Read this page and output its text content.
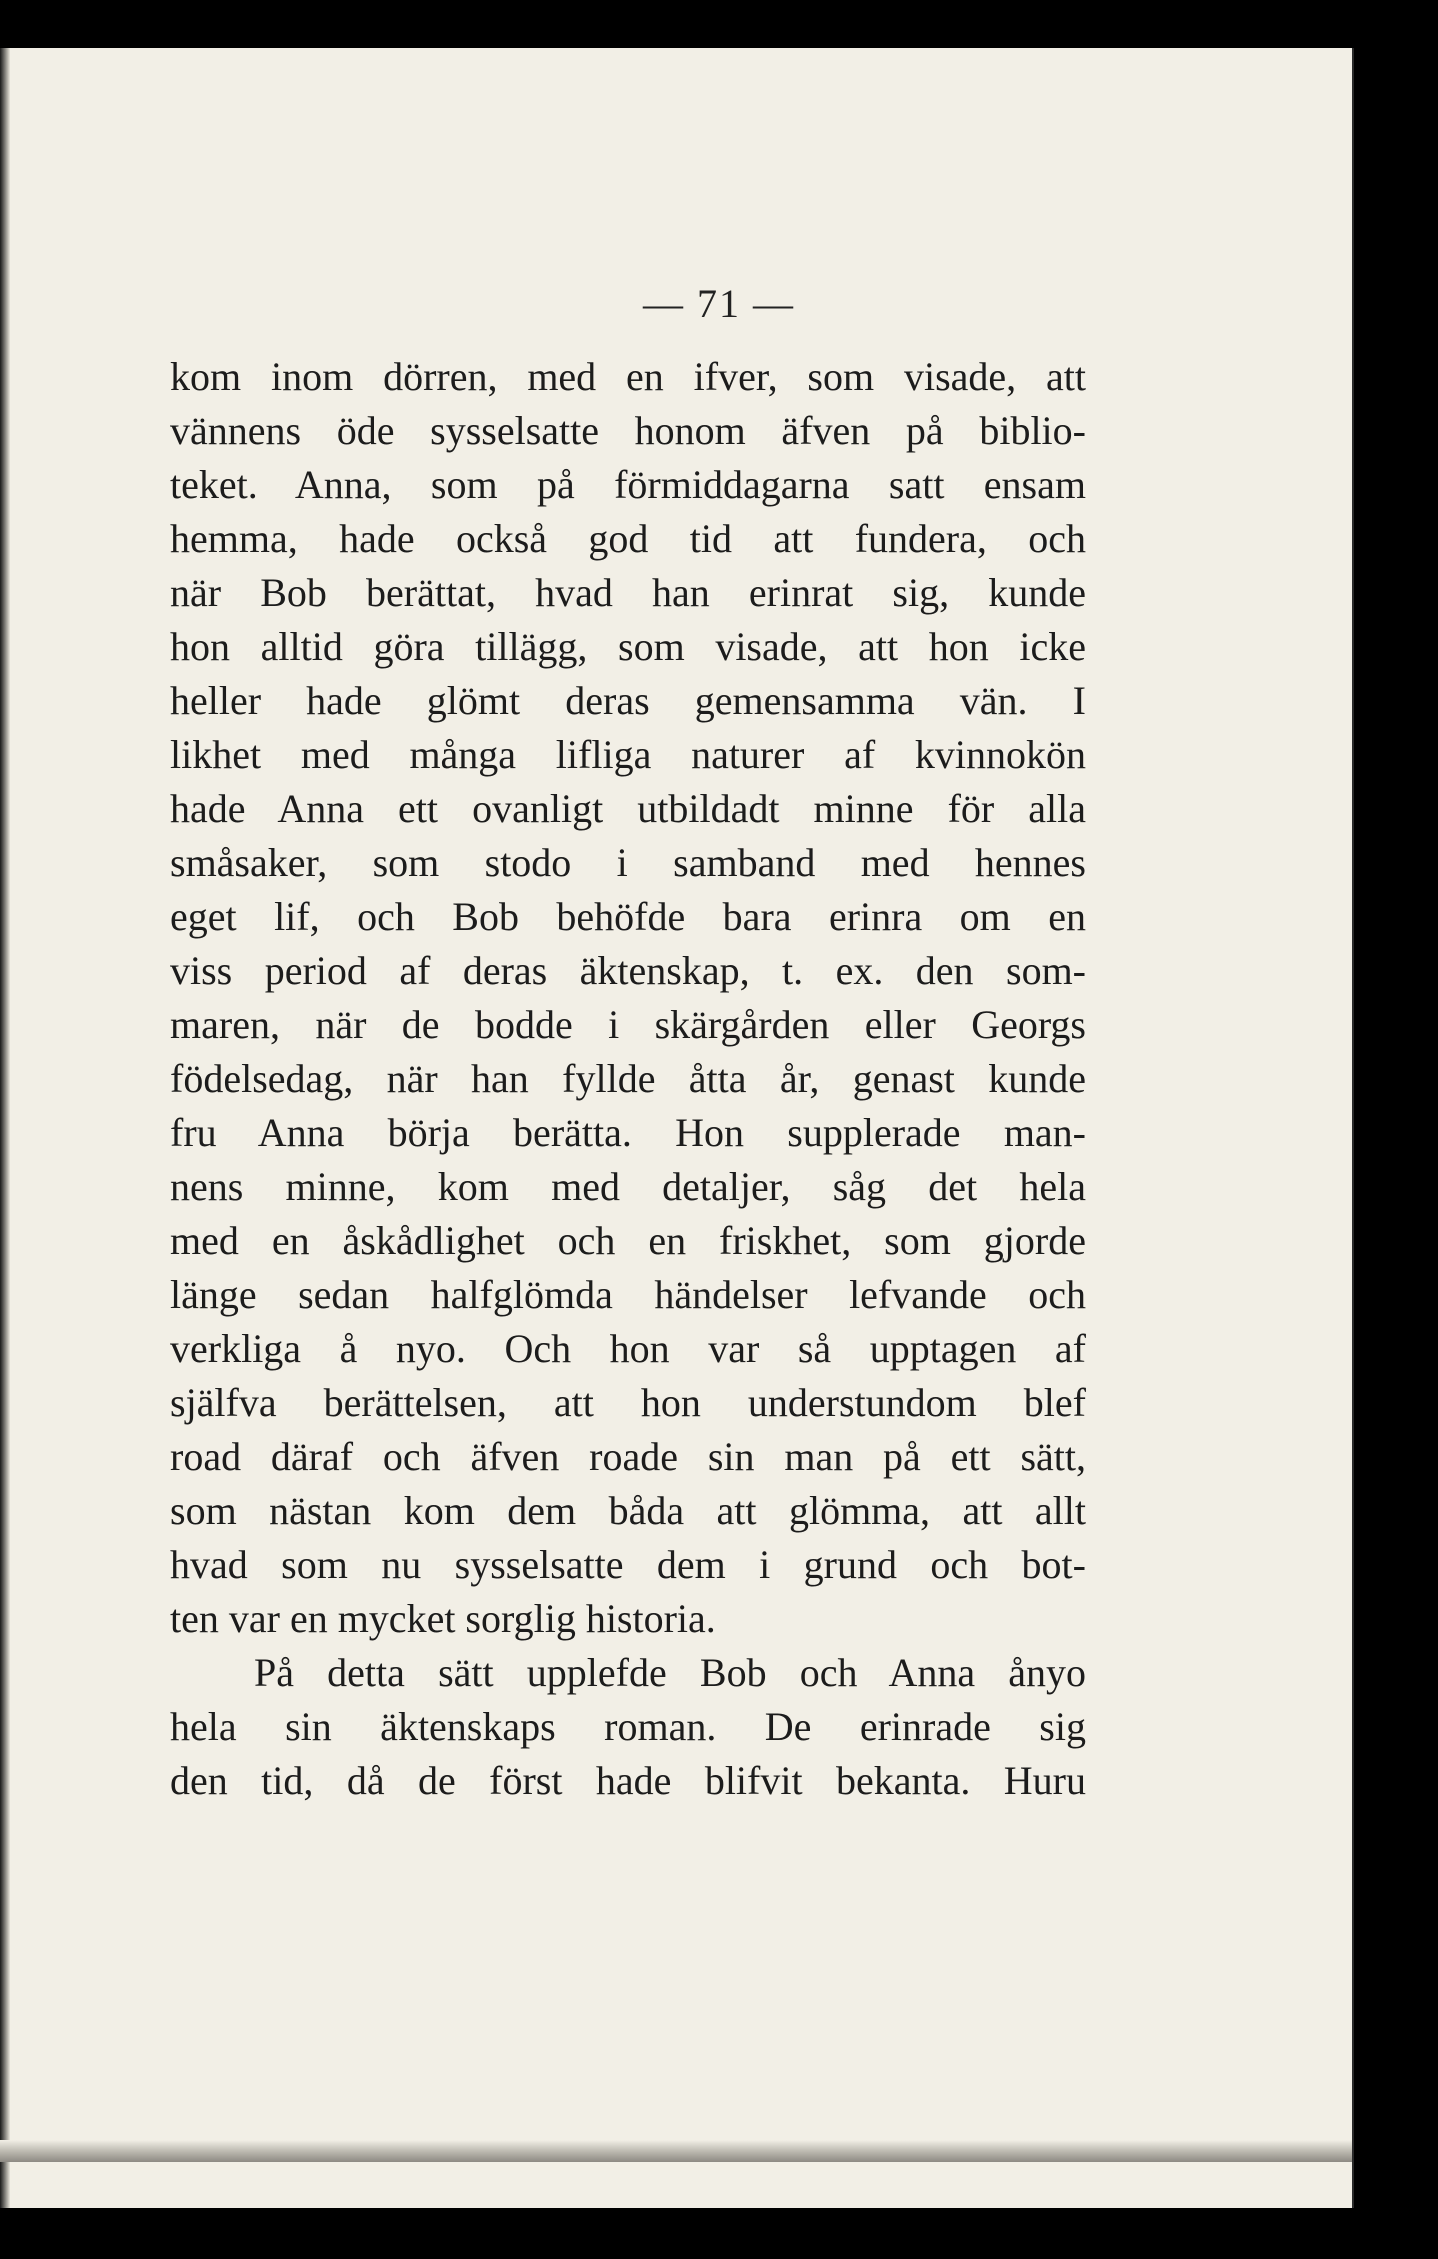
— 71 —
kom inom dörren, med en ifver, som visade, att
vännens öde sysselsatte honom äfven på biblio-
teket. Anna, som på förmiddagarna satt ensam
hemma, hade också god tid att fundera, och
när Bob berättat, hvad han erinrat sig, kunde
hon alltid göra tillägg, som visade, att hon icke
heller hade glömt deras gemensamma vän. I
likhet med många lifliga naturer af kvinnokön
hade Anna ett ovanligt utbildadt minne för alla
småsaker, som stodo i samband med hennes
eget lif, och Bob behöfde bara erinra om en
viss period af deras äktenskap, t. ex. den som-
maren, när de bodde i skärgården eller Georgs
födelsedag, när han fyllde åtta år, genast kunde
fru Anna börja berätta. Hon supplerade man-
nens minne, kom med detaljer, såg det hela
med en åskådlighet och en friskhet, som gjorde
länge sedan halfglömda händelser lefvande och
verkliga å nyo. Och hon var så upptagen af
själfva berättelsen, att hon understundom blef
road däraf och äfven roade sin man på ett sätt,
som nästan kom dem båda att glömma, att allt
hvad som nu sysselsatte dem i grund och bot-
ten var en mycket sorglig historia.
På detta sätt upplefde Bob och Anna ånyo
hela sin äktenskaps roman. De erinrade sig
den tid, då de först hade blifvit bekanta. Huru
